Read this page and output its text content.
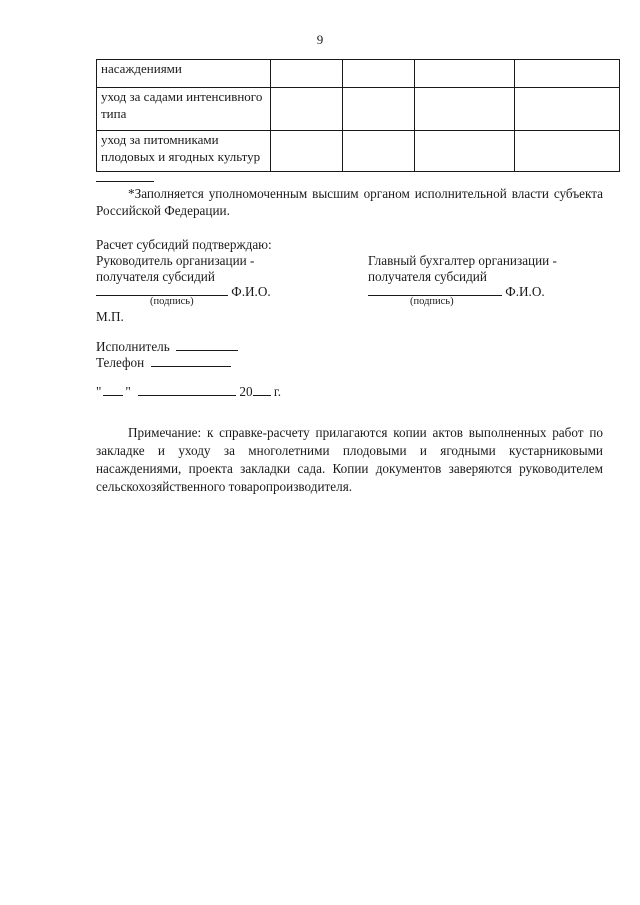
9
насаждениями				
уход за садами интенсивного типа				
уход за питомниками плодовых и ягодных культур				
*Заполняется уполномоченным высшим органом исполнительной власти субъекта Российской Федерации.
Расчет субсидий подтверждаю:
Руководитель организации -
получателя субсидий
Ф.И.О.
(подпись)
Главный бухгалтер организации -
получателя субсидий
Ф.И.О.
(подпись)
М.П.
Исполнитель
Телефон
" "	20 г.
Примечание: к справке-расчету прилагаются копии актов выполненных работ по закладке и уходу за многолетними плодовыми и ягодными кустарниковыми насаждениями, проекта закладки сада. Копии документов заверяются руководителем сельскохозяйственного товаропроизводителя.
